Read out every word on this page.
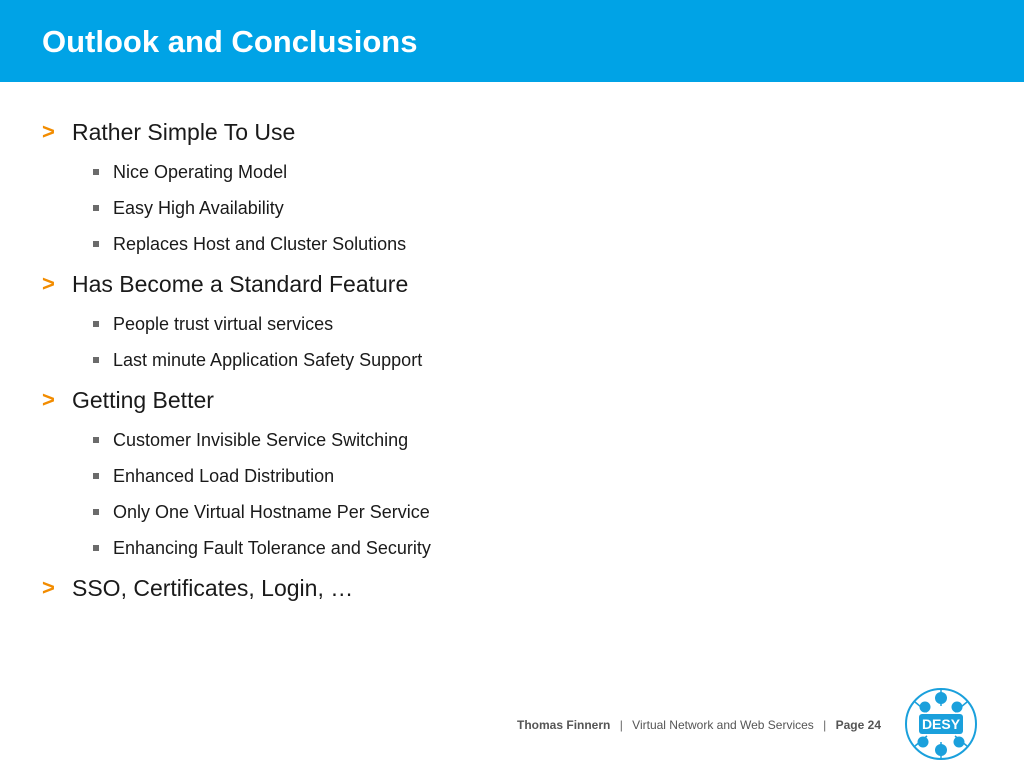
Outlook and Conclusions
> Rather Simple To Use
Nice Operating Model
Easy High Availability
Replaces Host and Cluster Solutions
> Has Become a Standard Feature
People trust virtual services
Last minute Application Safety Support
> Getting Better
Customer Invisible Service Switching
Enhanced Load Distribution
Only One Virtual Hostname Per Service
Enhancing Fault Tolerance and Security
> SSO, Certificates, Login, …
Thomas Finnern | Virtual Network and Web Services | Page 24	DESY
